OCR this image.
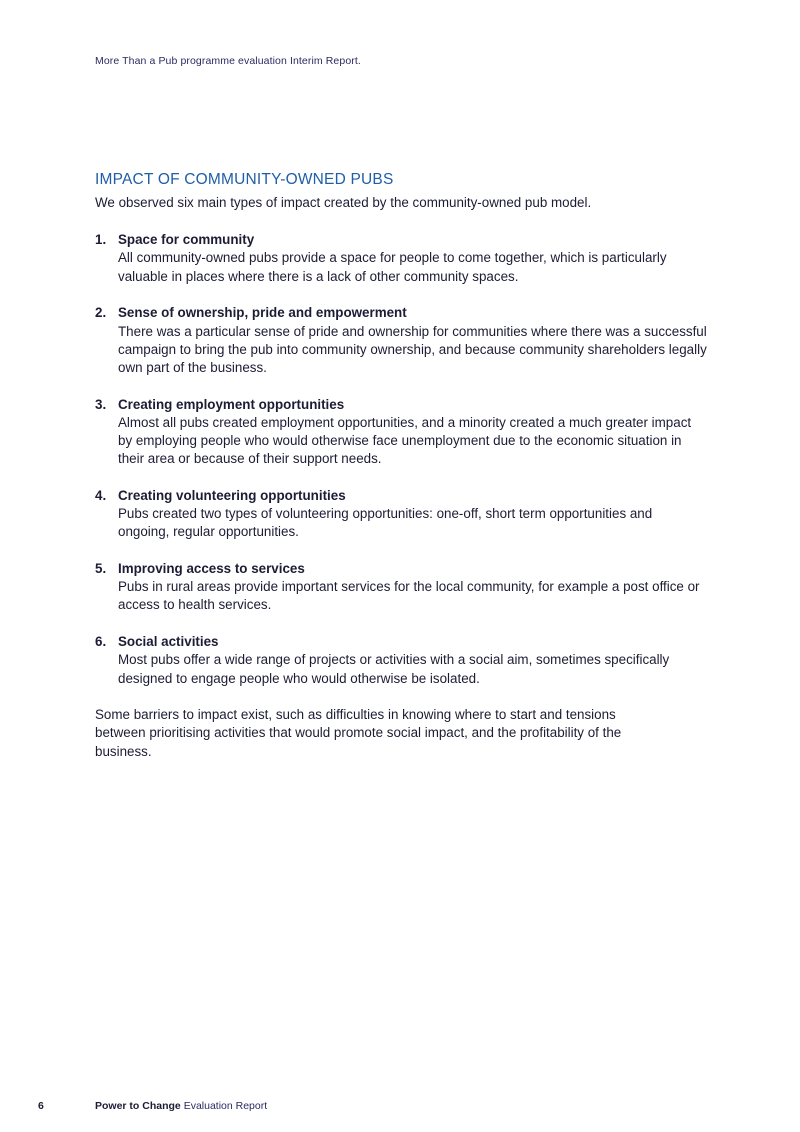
More Than a Pub programme evaluation Interim Report.
IMPACT OF COMMUNITY-OWNED PUBS

We observed six main types of impact created by the community-owned pub model.

1. Space for community
All community-owned pubs provide a space for people to come together, which is particularly valuable in places where there is a lack of other community spaces.
2. Sense of ownership, pride and empowerment
There was a particular sense of pride and ownership for communities where there was a successful campaign to bring the pub into community ownership, and because community shareholders legally own part of the business.
3. Creating employment opportunities
Almost all pubs created employment opportunities, and a minority created a much greater impact by employing people who would otherwise face unemployment due to the economic situation in their area or because of their support needs.
4. Creating volunteering opportunities
Pubs created two types of volunteering opportunities: one-off, short term opportunities and ongoing, regular opportunities.
5. Improving access to services
Pubs in rural areas provide important services for the local community, for example a post office or access to health services.
6. Social activities
Most pubs offer a wide range of projects or activities with a social aim, sometimes specifically designed to engage people who would otherwise be isolated.

Some barriers to impact exist, such as difficulties in knowing where to start and tensions between prioritising activities that would promote social impact, and the profitability of the business.

6	Power to Change Evaluation Report
